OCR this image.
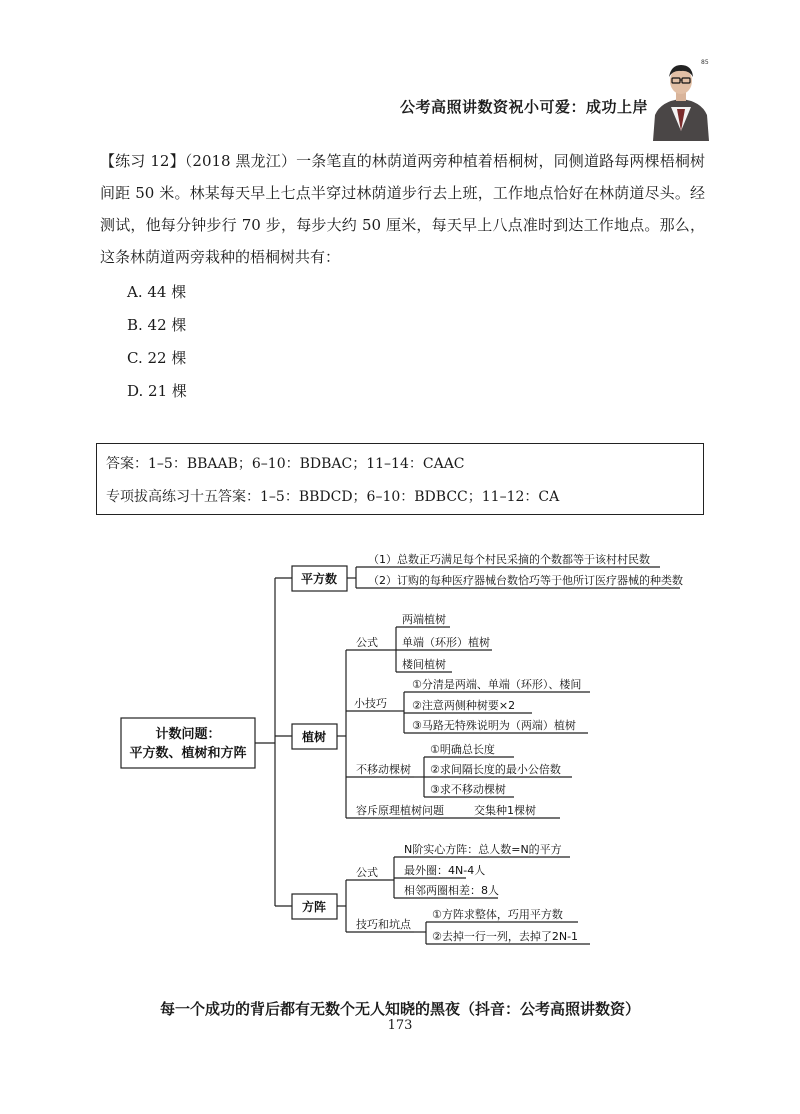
公考高照讲数资祝小可爱：成功上岸
85

【练习 12】（2018 黑龙江）一条笔直的林荫道两旁种植着梧桐树，同侧道路每两棵梧桐树间距 50 米。林某每天早上七点半穿过林荫道步行去上班，工作地点恰好在林荫道尽头。经测试，他每分钟步行 70 步，每步大约 50 厘米，每天早上八点准时到达工作地点。那么，这条林荫道两旁栽种的梧桐树共有：

A. 44 棵
B. 42 棵
C. 22 棵
D. 21 棵
答案：1–5：BBAAB；6–10：BDBAC；11–14：CAAC
专项拔高练习十五答案：1–5：BBDCD；6–10：BDBCC；11–12：CA
计数问题：
平方数、植树和方阵
平方数
植树
方阵
（1）总数正巧满足每个村民采摘的个数都等于该村村民数
（2）订购的每种医疗器械台数恰巧等于他所订医疗器械的种类数
公式
小技巧
不移动棵树
容斥原理植树问题	交集种1棵树
两端植树
单端（环形）植树
楼间植树
①分清是两端、单端（环形）、楼间
②注意两侧种树要×2
③马路无特殊说明为（两端）植树
①明确总长度
②求间隔长度的最小公倍数
③求不移动棵树
公式
技巧和坑点
N阶实心方阵：总人数=N的平方
最外圈：4N-4人
相邻两圈相差：8人
①方阵求整体，巧用平方数
②去掉一行一列，去掉了2N-1
每一个成功的背后都有无数个无人知晓的黑夜（抖音：公考高照讲数资）
173
